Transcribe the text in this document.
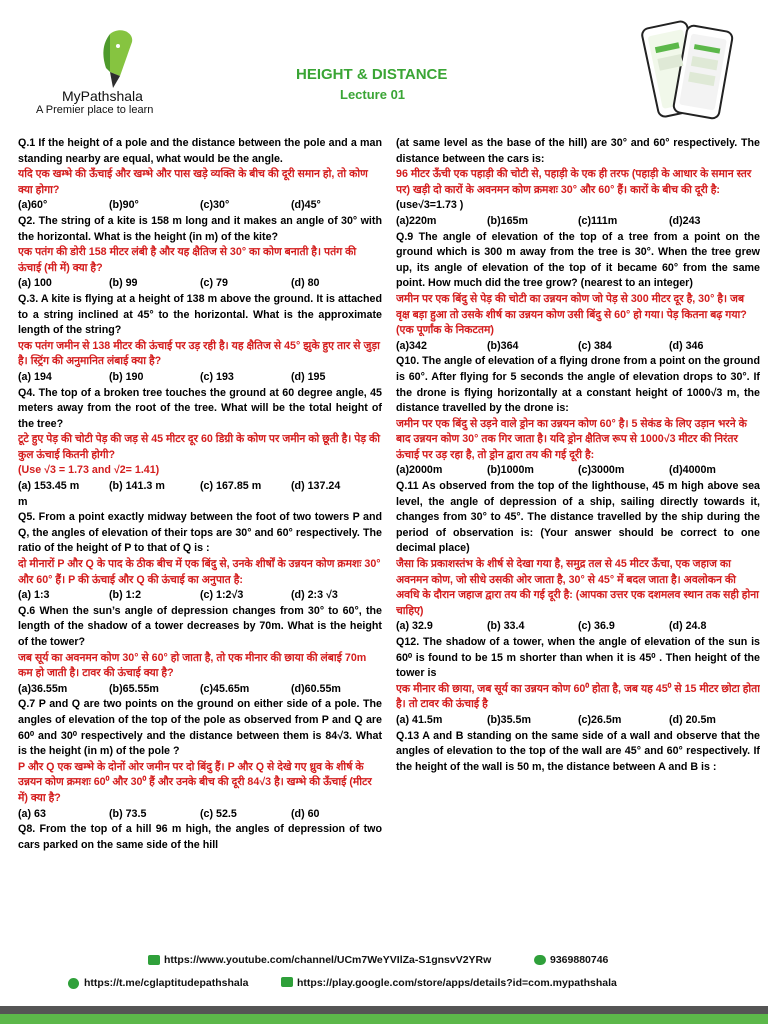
MyPathshala
A Premier place to learn
HEIGHT & DISTANCE
Lecture 01

Q.1 If the height of a pole and the distance between the pole and a man standing nearby are equal, what would be the angle.

यदि एक खम्भे की ऊँचाई और खम्भे और पास खड़े व्यक्ति के बीच की दूरी समान हो, तो कोण क्या होगा?

(a)60°	(b)90°	(c)30°	(d)45°

Q2. The string of a kite is 158 m long and it makes an angle of 30° with the horizontal. What is the height (in m) of the kite?

एक पतंग की डोरी 158 मीटर लंबी है और यह क्षैतिज से 30° का कोण बनाती है। पतंग की ऊंचाई (मी में) क्या है?

(a) 100	(b) 99	(c) 79	(d) 80

Q.3. A kite is flying at a height of 138 m above the ground. It is attached to a string inclined at 45° to the horizontal. What is the approximate length of the string?

एक पतंग जमीन से 138 मीटर की ऊंचाई पर उड़ रही है। यह क्षैतिज से 45° झुके हुए तार से जुड़ा है। स्ट्रिंग की अनुमानित लंबाई क्या है?

(a) 194	(b) 190	(c) 193	(d) 195

Q4. The top of a broken tree touches the ground at 60 degree angle, 45 meters away from the root of the tree. What will be the total height of the tree?

टूटे हुए पेड़ की चोटी पेड़ की जड़ से 45 मीटर दूर 60 डिग्री के कोण पर जमीन को छूती है। पेड़ की कुल ऊंचाई कितनी होगी?

(Use √3 = 1.73 and √2= 1.41)

(a) 153.45 m	(b) 141.3 m	(c) 167.85 m	(d) 137.24

m

Q5. From a point exactly midway between the foot of two towers P and Q, the angles of elevation of their tops are 30° and 60° respectively. The ratio of the height of P to that of Q is :

दो मीनारों P और Q के पाद के ठीक बीच में एक बिंदु से, उनके शीर्षों के उन्नयन कोण क्रमशः 30° और 60° हैं। P की ऊंचाई और Q की ऊंचाई का अनुपात है:

(a) 1:3	(b) 1:2	(c) 1:2√3	(d) 2:3 √3

Q.6 When the sun’s angle of depression changes from 30° to 60°, the length of the shadow of a tower decreases by 70m. What is the height of the tower?

जब सूर्य का अवनमन कोण 30° से 60° हो जाता है, तो एक मीनार की छाया की लंबाई 70m कम हो जाती है। टावर की ऊंचाई क्या है?

(a)36.55m	(b)65.55m	(c)45.65m	(d)60.55m

Q.7 P and Q are two points on the ground on either side of a pole. The angles of elevation of the top of the pole as observed from P and Q are 60⁰ and 30⁰ respectively and the distance between them is 84√3. What is the height (in m) of the pole ?

P और Q एक खम्भे के दोनों ओर जमीन पर दो बिंदु हैं। P और Q से देखे गए ध्रुव के शीर्ष के उन्नयन कोण क्रमशः 60⁰ और 30⁰ हैं और उनके बीच की दूरी 84√3 है। खम्भे की ऊँचाई (मीटर में) क्या है?

(a) 63	(b) 73.5	(c) 52.5	(d) 60

Q8. From the top of a hill 96 m high, the angles of depression of two cars parked on the same side of the hill

(at same level as the base of the hill) are 30° and 60° respectively. The distance between the cars is:

96 मीटर ऊँची एक पहाड़ी की चोटी से, पहाड़ी के एक ही तरफ (पहाड़ी के आधार के समान स्तर पर) खड़ी दो कारों के अवनमन कोण क्रमशः 30° और 60° हैं। कारों के बीच की दूरी है:

(use√3=1.73 )

(a)220m	(b)165m	(c)111m	(d)243

Q.9 The angle of elevation of the top of a tree from a point on the ground which is 300 m away from the tree is 30°. When the tree grew up, its angle of elevation of the top of it became 60° from the same point. How much did the tree grow? (nearest to an integer)

जमीन पर एक बिंदु से पेड़ की चोटी का उन्नयन कोण जो पेड़ से 300 मीटर दूर है, 30° है। जब वृक्ष बड़ा हुआ तो उसके शीर्ष का उन्नयन कोण उसी बिंदु से 60° हो गया। पेड़ कितना बढ़ गया? (एक पूर्णांक के निकटतम)

(a)342	(b)364	(c) 384	(d) 346

Q10. The angle of elevation of a flying drone from a point on the ground is 60°. After flying for 5 seconds the angle of elevation drops to 30°. If the drone is flying horizontally at a constant height of 1000√3 m, the distance travelled by the drone is:

जमीन पर एक बिंदु से उड़ने वाले ड्रोन का उन्नयन कोण 60° है। 5 सेकंड के लिए उड़ान भरने के बाद उन्नयन कोण 30° तक गिर जाता है। यदि ड्रोन क्षैतिज रूप से 1000√3 मीटर की निरंतर ऊंचाई पर उड़ रहा है, तो ड्रोन द्वारा तय की गई दूरी है:

(a)2000m	(b)1000m	(c)3000m	(d)4000m

Q.11 As observed from the top of the lighthouse, 45 m high above sea level, the angle of depression of a ship, sailing directly towards it, changes from 30° to 45°. The distance travelled by the ship during the period of observation is: (Your answer should be correct to one decimal place)

जैसा कि प्रकाशस्तंभ के शीर्ष से देखा गया है, समुद्र तल से 45 मीटर ऊँचा, एक जहाज का अवनमन कोण, जो सीधे उसकी ओर जाता है, 30° से 45° में बदल जाता है। अवलोकन की अवधि के दौरान जहाज द्वारा तय की गई दूरी है: (आपका उत्तर एक दशमलव स्थान तक सही होना चाहिए)

(a) 32.9	(b) 33.4	(c) 36.9	(d) 24.8

Q12. The shadow of a tower, when the angle of elevation of the sun is 60⁰ is found to be 15 m shorter than when it is 45⁰ . Then height of the tower is

एक मीनार की छाया, जब सूर्य का उन्नयन कोण 60⁰ होता है, जब यह 45⁰ से 15 मीटर छोटा होता है। तो टावर की ऊंचाई है

(a) 41.5m	(b)35.5m	(c)26.5m	(d) 20.5m

Q.13 A and B standing on the same side of a wall and observe that the angles of elevation to the top of the wall are 45° and 60° respectively. If the height of the wall is 50 m, the distance between A and B is :

https://www.youtube.com/channel/UCm7WeYVIlZa-S1gnsvV2YRw	9369880746
https://t.me/cglaptitudepathshala	https://play.google.com/store/apps/details?id=com.mypathshala
